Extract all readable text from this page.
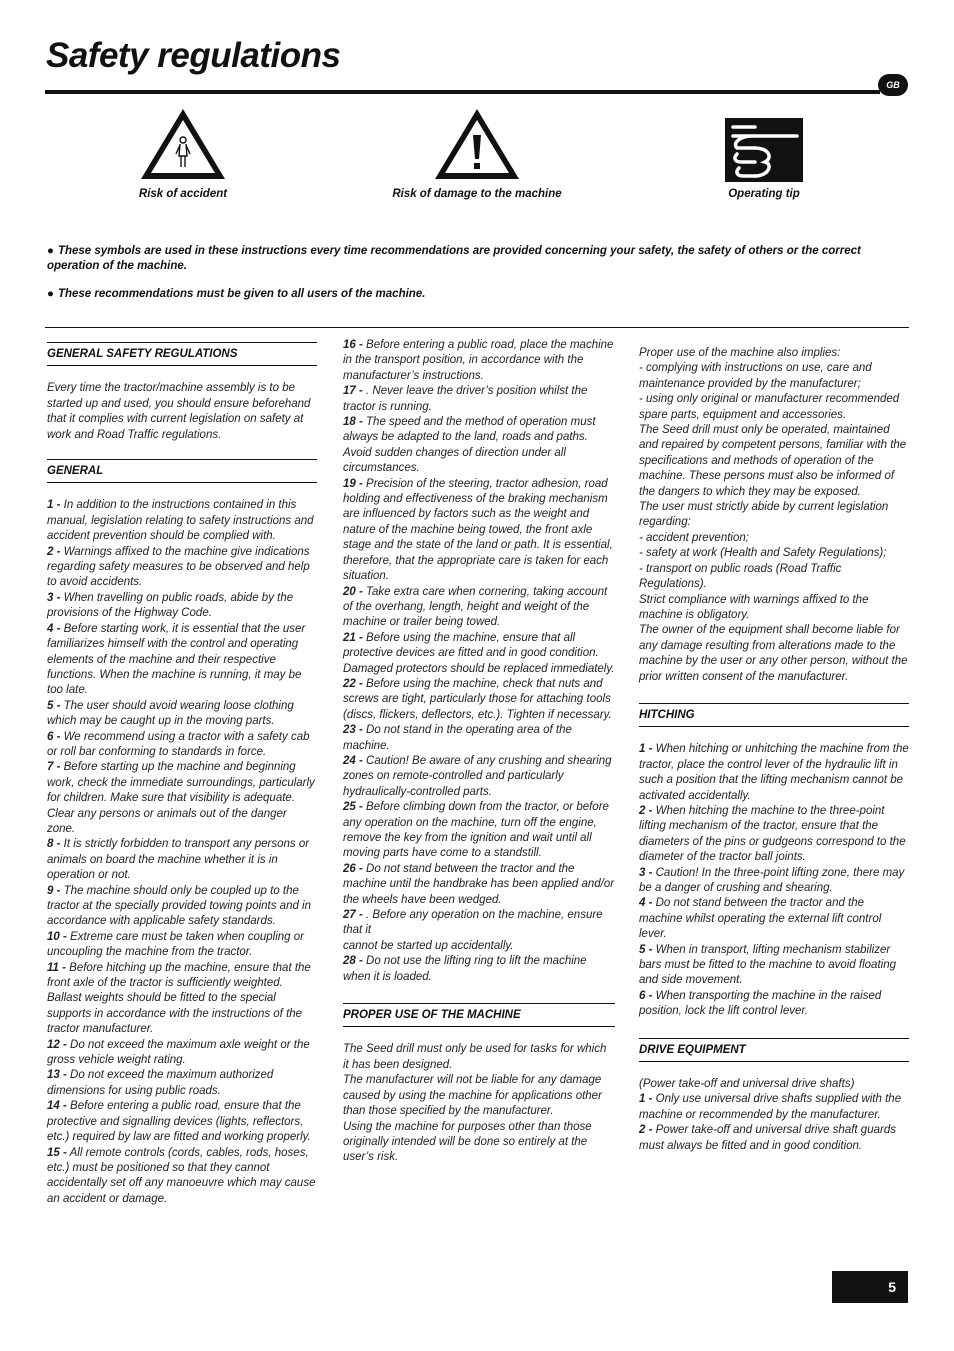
Safety regulations
GB
Risk of accident	Risk of damage to the machine	Operating tip
● These symbols are used in these instructions every time recommendations are provided concerning your safety, the safety of others or the correct operation of the machine.
● These recommendations must be given to all users of the machine.
GENERAL SAFETY REGULATIONS

Every time the tractor/machine assembly is to be started up and used, you should ensure beforehand that it complies with current legislation on safety at work and Road Traffic regulations.

GENERAL

1 - In addition to the instructions contained in this manual, legislation relating to safety instructions and accident prevention should be complied with.

2 - Warnings affixed to the machine give indications regarding safety measures to be observed and help to avoid accidents.

3 - When travelling on public roads, abide by the provisions of the Highway Code.

4 - Before starting work, it is essential that the user familiarizes himself with the control and operating elements of the machine and their respective functions. When the machine is running, it may be too late.

5 - The user should avoid wearing loose clothing which may be caught up in the moving parts.

6 - We recommend using a tractor with a safety cab or roll bar conforming to standards in force.

7 - Before starting up the machine and beginning work, check the immediate surroundings, particularly for children. Make sure that visibility is adequate. Clear any persons or animals out of the danger zone.

8 - It is strictly forbidden to transport any persons or animals on board the machine whether it is in operation or not.

9 - The machine should only be coupled up to the tractor at the specially provided towing points and in accordance with applicable safety standards.

10 - Extreme care must be taken when coupling or uncoupling the machine from the tractor.

11 - Before hitching up the machine, ensure that the front axle of the tractor is sufficiently weighted. Ballast weights should be fitted to the special supports in accordance with the instructions of the tractor manufacturer.

12 - Do not exceed the maximum axle weight or the gross vehicle weight rating.

13 - Do not exceed the maximum authorized dimensions for using public roads.

14 - Before entering a public road, ensure that the protective and signalling devices (lights, reflectors, etc.) required by law are fitted and working properly.

15 - All remote controls (cords, cables, rods, hoses, etc.) must be positioned so that they cannot accidentally set off any manoeuvre which may cause an accident or damage.

16 - Before entering a public road, place the machine in the transport position, in accordance with the manufacturer’s instructions.

17 - . Never leave the driver’s position whilst the tractor is running.

18 - The speed and the method of operation must always be adapted to the land, roads and paths. Avoid sudden changes of direction under all circumstances.

19 - Precision of the steering, tractor adhesion, road holding and effectiveness of the braking mechanism are influenced by factors such as the weight and nature of the machine being towed, the front axle stage and the state of the land or path. It is essential, therefore, that the appropriate care is taken for each situation.

20 - Take extra care when cornering, taking account of the overhang, length, height and weight of the machine or trailer being towed.

21 - Before using the machine, ensure that all protective devices are fitted and in good condition. Damaged protectors should be replaced immediately.

22 - Before using the machine, check that nuts and screws are tight, particularly those for attaching tools (discs, flickers, deflectors, etc.). Tighten if necessary.

23 - Do not stand in the operating area of the machine.

24 - Caution! Be aware of any crushing and shearing zones on remote-controlled and particularly hydraulically-controlled parts.

25 - Before climbing down from the tractor, or before any operation on the machine, turn off the engine, remove the key from the ignition and wait until all moving parts have come to a standstill.

26 - Do not stand between the tractor and the machine until the handbrake has been applied and/or the wheels have been wedged.

27 - . Before any operation on the machine, ensure that it

cannot be started up accidentally.

28 - Do not use the lifting ring to lift the machine when it is loaded.

PROPER USE OF THE MACHINE

The Seed drill must only be used for tasks for which it has been designed.

The manufacturer will not be liable for any damage caused by using the machine for applications other than those specified by the manufacturer.

Using the machine for purposes other than those originally intended will be done so entirely at the user’s risk.

Proper use of the machine also implies:

- complying with instructions on use, care and maintenance provided by the manufacturer;

- using only original or manufacturer recommended spare parts, equipment and accessories.

The Seed drill must only be operated, maintained and repaired by competent persons, familiar with the specifications and methods of operation of the machine. These persons must also be informed of the dangers to which they may be exposed.

The user must strictly abide by current legislation regarding:

- accident prevention;

- safety at work (Health and Safety Regulations);

- transport on public roads (Road Traffic Regulations).

Strict compliance with warnings affixed to the machine is obligatory.

The owner of the equipment shall become liable for any damage resulting from alterations made to the machine by the user or any other person, without the prior written consent of the manufacturer.

HITCHING

1 - When hitching or unhitching the machine from the tractor, place the control lever of the hydraulic lift in such a position that the lifting mechanism cannot be activated accidentally.

2 - When hitching the machine to the three-point lifting mechanism of the tractor, ensure that the diameters of the pins or gudgeons correspond to the diameter of the tractor ball joints.

3 - Caution! In the three-point lifting zone, there may be a danger of crushing and shearing.

4 - Do not stand between the tractor and the machine whilst operating the external lift control lever.

5 - When in transport, lifting mechanism stabilizer bars must be fitted to the machine to avoid floating and side movement.

6 - When transporting the machine in the raised position, lock the lift control lever.

DRIVE EQUIPMENT

(Power take-off and universal drive shafts)

1 - Only use universal drive shafts supplied with the machine or recommended by the manufacturer.

2 - Power take-off and universal drive shaft guards must always be fitted and in good condition.

5
